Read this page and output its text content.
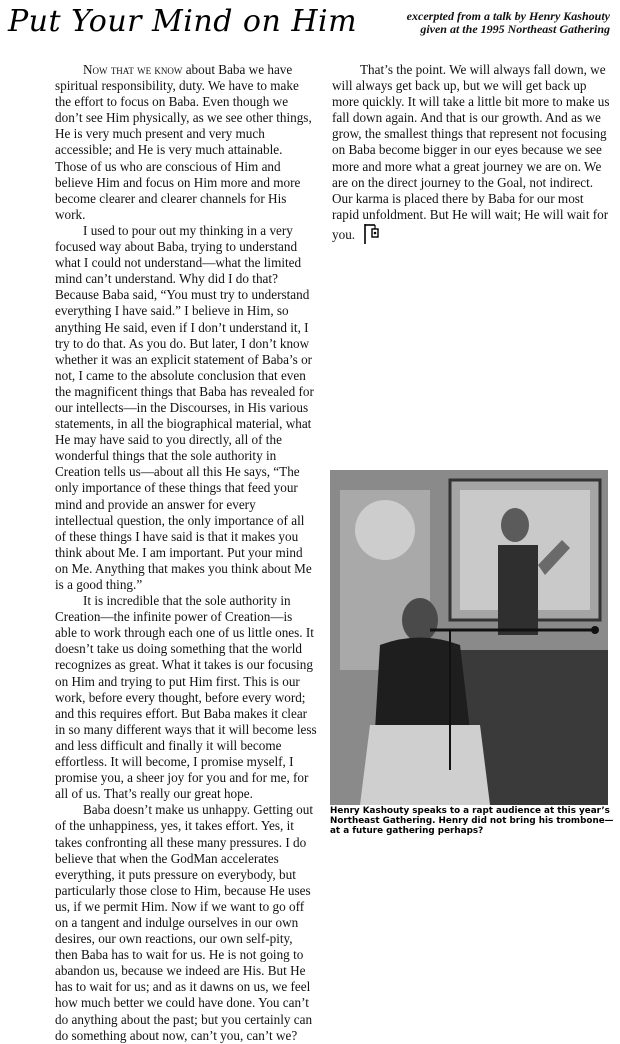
Put Your Mind on Him	excerpted from a talk by Henry Kashouty
given at the 1995 Northeast Gathering

Now that we know about Baba we have spiritual responsibility, duty. We have to make the effort to focus on Baba. Even though we don’t see Him physically, as we see other things, He is very much present and very much accessible; and He is very much attainable. Those of us who are conscious of Him and believe Him and focus on Him more and more become clearer and clearer channels for His work.

I used to pour out my thinking in a very focused way about Baba, trying to understand what I could not understand—what the limited mind can’t understand. Why did I do that? Because Baba said, “You must try to understand everything I have said.” I believe in Him, so anything He said, even if I don’t understand it, I try to do that. As you do. But later, I don’t know whether it was an explicit statement of Baba’s or not, I came to the absolute conclusion that even the magnificent things that Baba has revealed for our intellects—in the Discourses, in His various statements, in all the biographical material, what He may have said to you directly, all of the wonderful things that the sole authority in Creation tells us—about all this He says, “The only importance of these things that feed your mind and provide an answer for every intellectual question, the only importance of all of these things I have said is that it makes you think about Me. I am important. Put your mind on Me. Anything that makes you think about Me is a good thing.”

It is incredible that the sole authority in Creation—the infinite power of Creation—is able to work through each one of us little ones. It doesn’t take us doing something that the world recognizes as great. What it takes is our focusing on Him and trying to put Him first. This is our work, before every thought, before every word; and this requires effort. But Baba makes it clear in so many different ways that it will become less and less difficult and finally it will become effortless. It will become, I promise myself, I promise you, a sheer joy for you and for me, for all of us. That’s really our great hope.

Baba doesn’t make us unhappy. Getting out of the unhappiness, yes, it takes effort. Yes, it takes confronting all these many pressures. I do believe that when the GodMan accelerates everything, it puts pressure on everybody, but particularly those close to Him, because He uses us, if we permit Him. Now if we want to go off on a tangent and indulge ourselves in our own desires, our own reactions, our own self-pity, then Baba has to wait for us. He is not going to abandon us, because we indeed are His. But He has to wait for us; and as it dawns on us, we feel how much better we could have done. You can’t do anything about the past; but you certainly can do something about now, can’t you, can’t we?

That’s the point. We will always fall down, we will always get back up, but we will get back up more quickly. It will take a little bit more to make us fall down again. And that is our growth. And as we grow, the smallest things that represent not focusing on Baba become bigger in our eyes because we see more and more what a great journey we are on. We are on the direct journey to the Goal, not indirect. Our karma is placed there by Baba for our most rapid unfoldment. But He will wait; He will wait for you.

Henry Kashouty speaks to a rapt audience at this year’s Northeast Gathering. Henry did not bring his trombone—at a future gathering perhaps?
